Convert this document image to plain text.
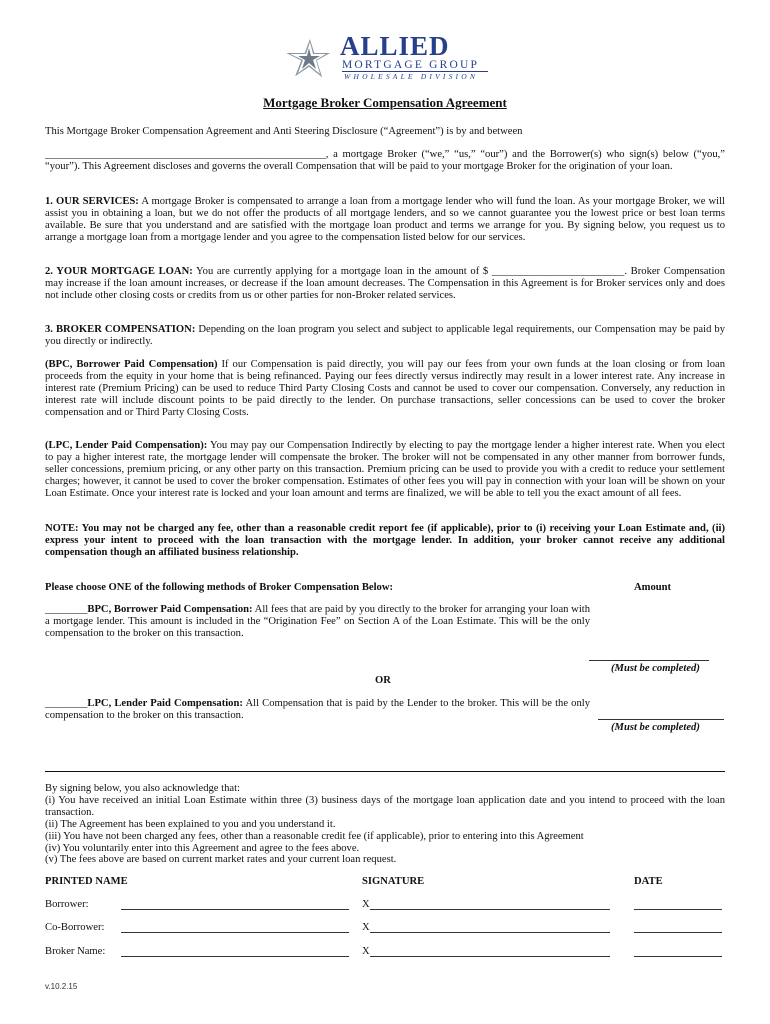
ALLIED
MORTGAGE GROUP
WHOLESALE DIVISION
Mortgage Broker Compensation Agreement
This Mortgage Broker Compensation Agreement and Anti Steering Disclosure (“Agreement”) is by and between
_____________________________________________________, a mortgage Broker (“we,” “us,” “our”) and the Borrower(s) who sign(s) below (“you,” “your”). This Agreement discloses and governs the overall Compensation that will be paid to your mortgage Broker for the origination of your loan.
1. OUR SERVICES: A mortgage Broker is compensated to arrange a loan from a mortgage lender who will fund the loan. As your mortgage Broker, we will assist you in obtaining a loan, but we do not offer the products of all mortgage lenders, and so we cannot guarantee you the lowest price or best loan terms available. Be sure that you understand and are satisfied with the mortgage loan product and terms we arrange for you. By signing below, you request us to arrange a mortgage loan from a mortgage lender and you agree to the compensation listed below for our services.
2. YOUR MORTGAGE LOAN: You are currently applying for a mortgage loan in the amount of $ _________________________. Broker Compensation may increase if the loan amount increases, or decrease if the loan amount decreases. The Compensation in this Agreement is for Broker services only and does not include other closing costs or credits from us or other parties for non-Broker related services.
3. BROKER COMPENSATION: Depending on the loan program you select and subject to applicable legal requirements, our Compensation may be paid by you directly or indirectly.
(BPC, Borrower Paid Compensation) If our Compensation is paid directly, you will pay our fees from your own funds at the loan closing or from loan proceeds from the equity in your home that is being refinanced. Paying our fees directly versus indirectly may result in a lower interest rate. Any increase in interest rate (Premium Pricing) can be used to reduce Third Party Closing Costs and cannot be used to cover our compensation. Conversely, any reduction in interest rate will include discount points to be paid directly to the lender. On purchase transactions, seller concessions can be used to cover the broker compensation and or Third Party Closing Costs.
(LPC, Lender Paid Compensation): You may pay our Compensation Indirectly by electing to pay the mortgage lender a higher interest rate. When you elect to pay a higher interest rate, the mortgage lender will compensate the broker. The broker will not be compensated in any other manner from borrower funds, seller concessions, premium pricing, or any other party on this transaction. Premium pricing can be used to provide you with a credit to reduce your settlement charges; however, it cannot be used to cover the broker compensation. Estimates of other fees you will pay in connection with your loan will be shown on your Loan Estimate. Once your interest rate is locked and your loan amount and terms are finalized, we will be able to tell you the exact amount of all fees.
NOTE: You may not be charged any fee, other than a reasonable credit report fee (if applicable), prior to (i) receiving your Loan Estimate and, (ii) express your intent to proceed with the loan transaction with the mortgage lender. In addition, your broker cannot receive any additional compensation though an affiliated business relationship.
Please choose ONE of the following methods of Broker Compensation Below:	Amount
________BPC, Borrower Paid Compensation: All fees that are paid by you directly to the broker for arranging your loan with a mortgage lender. This amount is included in the “Origination Fee” on Section A of the Loan Estimate. This will be the only compensation to the broker on this transaction.
(Must be completed)
OR
________LPC, Lender Paid Compensation: All Compensation that is paid by the Lender to the broker. This will be the only compensation to the broker on this transaction.
(Must be completed)
By signing below, you also acknowledge that:
(i) You have received an initial Loan Estimate within three (3) business days of the mortgage loan application date and you intend to proceed with the loan transaction.
(ii) The Agreement has been explained to you and you understand it.
(iii) You have not been charged any fees, other than a reasonable credit fee (if applicable), prior to entering into this Agreement
(iv) You voluntarily enter into this Agreement and agree to the fees above.
(v) The fees above are based on current market rates and your current loan request.
PRINTED NAME	SIGNATURE	DATE
Borrower:	X
Co-Borrower:	X
Broker Name:	X
v.10.2.15
